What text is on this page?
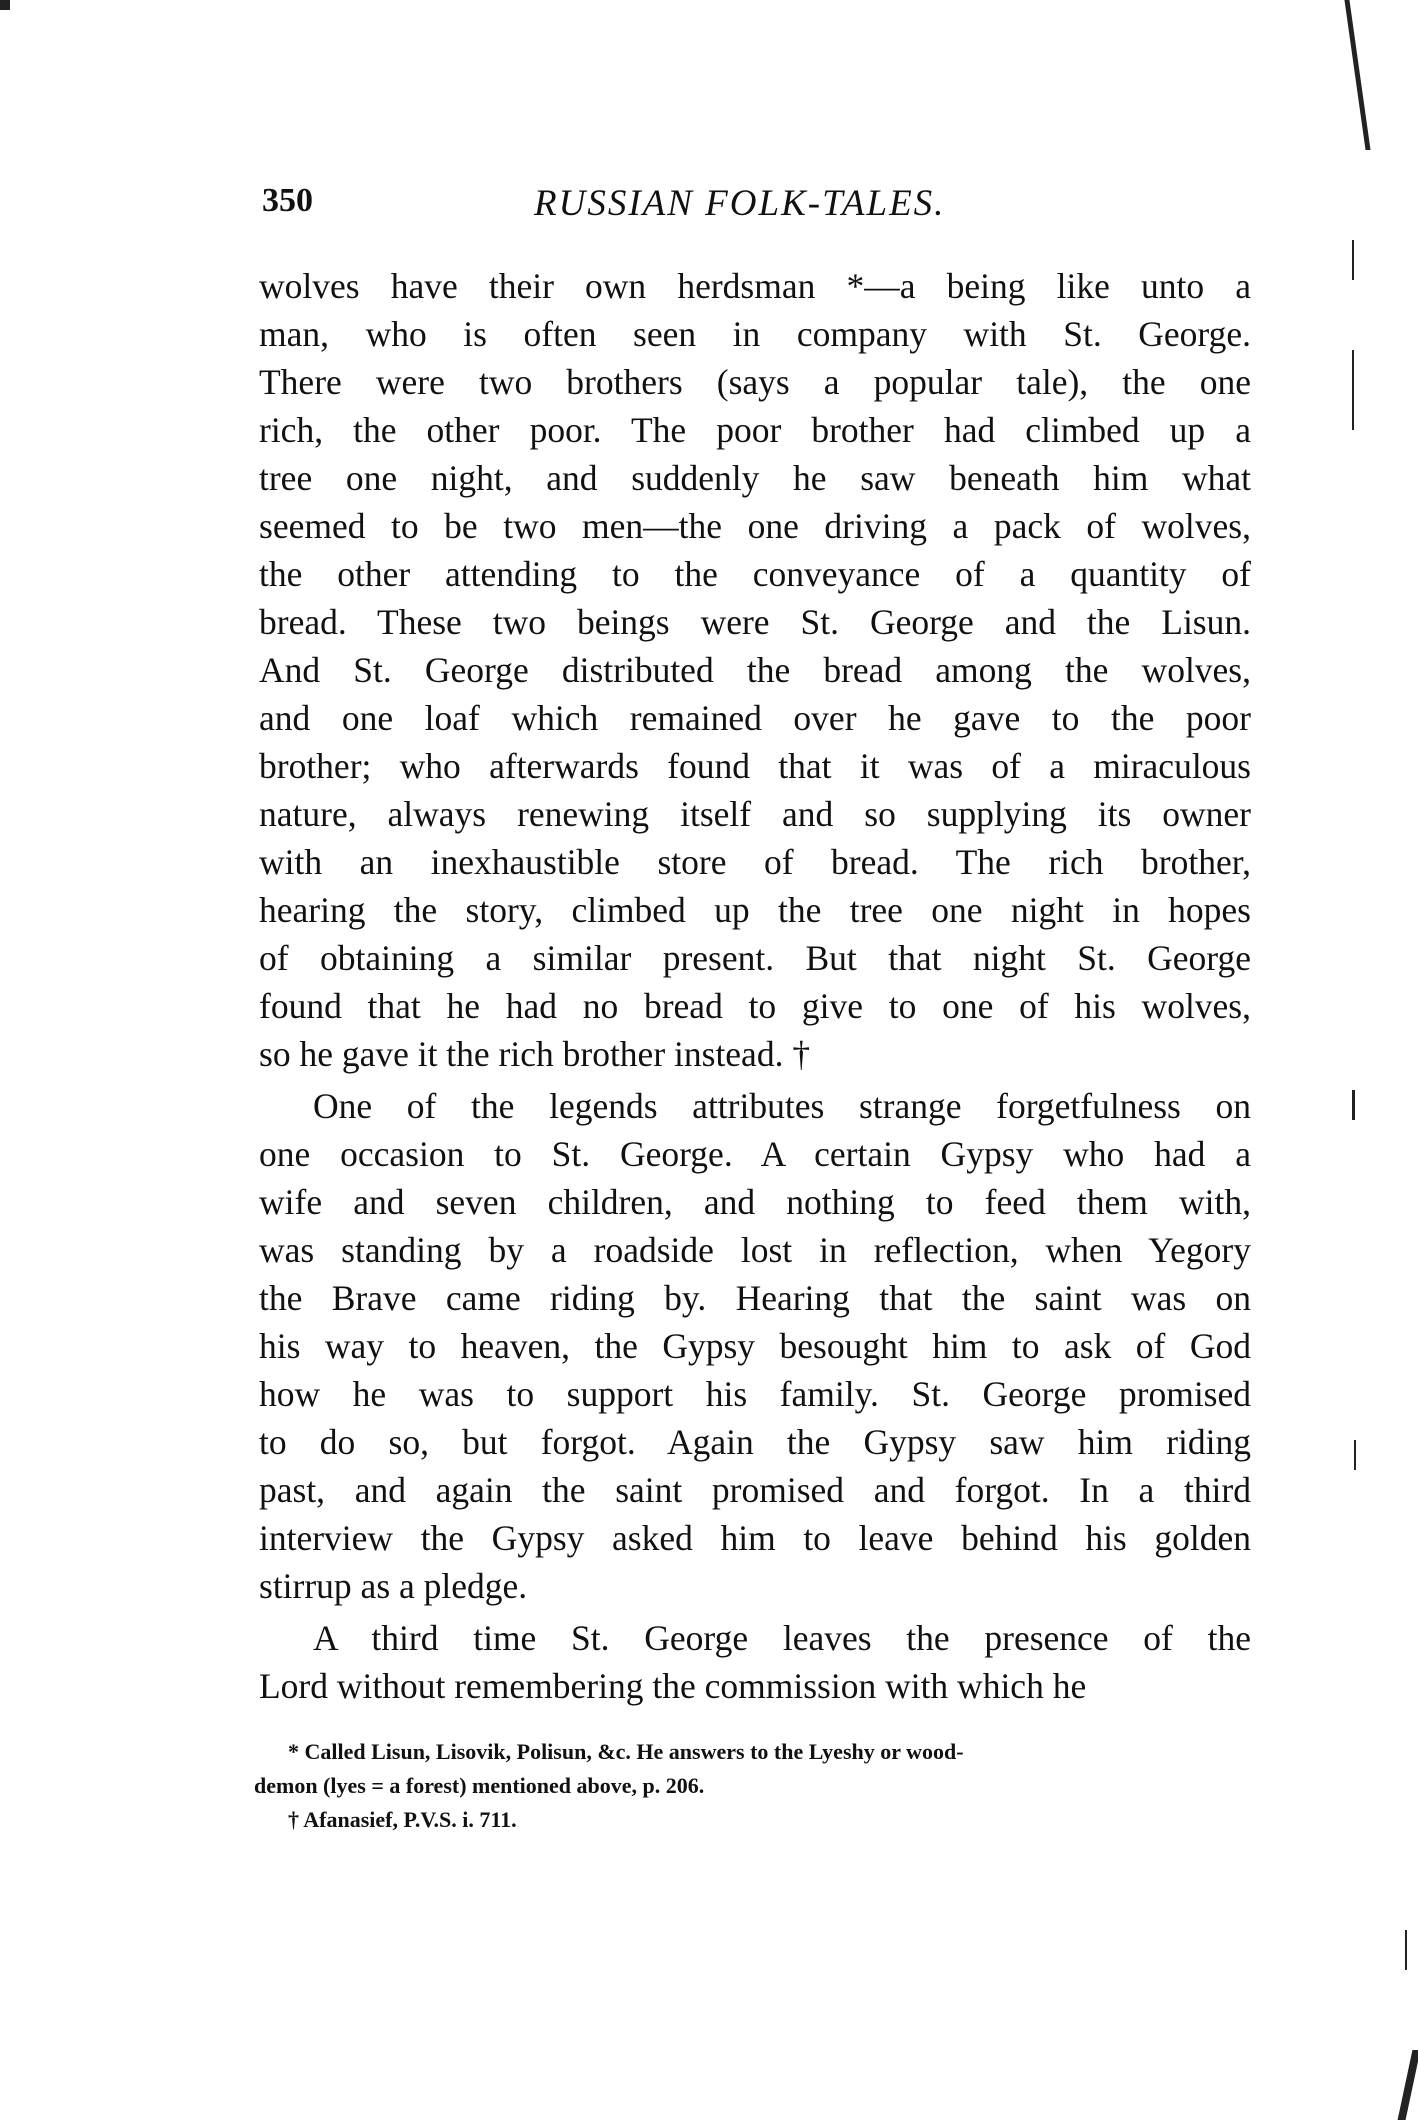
350	RUSSIAN FOLK-TALES.
wolves have their own herdsman *—a being like unto a
man, who is often seen in company with St. George.
There were two brothers (says a popular tale), the one
rich, the other poor. The poor brother had climbed up a
tree one night, and suddenly he saw beneath him what
seemed to be two men—the one driving a pack of wolves,
the other attending to the conveyance of a quantity of
bread. These two beings were St. George and the Lisun.
And St. George distributed the bread among the wolves,
and one loaf which remained over he gave to the poor
brother; who afterwards found that it was of a miraculous
nature, always renewing itself and so supplying its owner
with an inexhaustible store of bread. The rich brother,
hearing the story, climbed up the tree one night in hopes
of obtaining a similar present. But that night St. George
found that he had no bread to give to one of his wolves,
so he gave it the rich brother instead. †
One of the legends attributes strange forgetfulness on
one occasion to St. George. A certain Gypsy who had a
wife and seven children, and nothing to feed them with,
was standing by a roadside lost in reflection, when Yegory
the Brave came riding by. Hearing that the saint was on
his way to heaven, the Gypsy besought him to ask of God
how he was to support his family. St. George promised
to do so, but forgot. Again the Gypsy saw him riding
past, and again the saint promised and forgot. In a third
interview the Gypsy asked him to leave behind his golden
stirrup as a pledge.
A third time St. George leaves the presence of the
Lord without remembering the commission with which he
* Called Lisun, Lisovik, Polisun, &c. He answers to the Lyeshy or wood-
demon (lyes = a forest) mentioned above, p. 206.
† Afanasief, P.V.S. i. 711.
